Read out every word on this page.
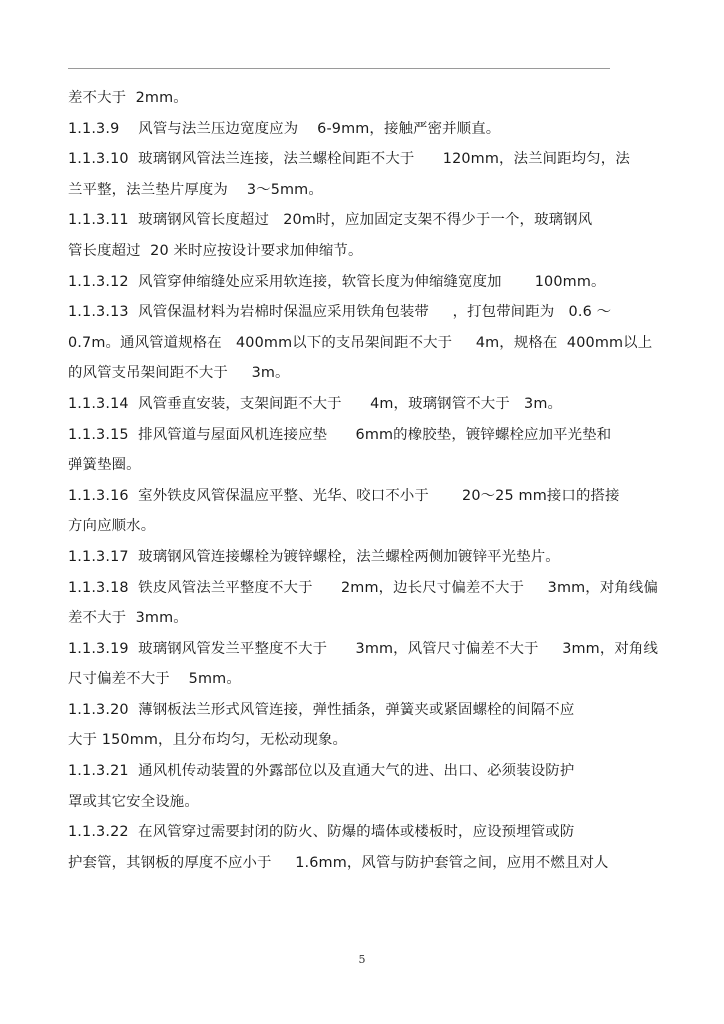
差不大于  2mm。
1.1.3.9    风管与法兰压边宽度应为    6-9mm，接触严密并顺直。
1.1.3.10  玻璃钢风管法兰连接，法兰螺栓间距不大于      120mm，法兰间距均匀，法
兰平整，法兰垫片厚度为    3～5mm。
1.1.3.11  玻璃钢风管长度超过   20m时，应加固定支架不得少于一个，玻璃钢风
管长度超过  20 米时应按设计要求加伸缩节。
1.1.3.12  风管穿伸缩缝处应采用软连接，软管长度为伸缩缝宽度加       100mm。
1.1.3.13  风管保温材料为岩棉时保温应采用铁角包装带     ，打包带间距为   0.6 ～
0.7m。通风管道规格在   400mm以下的支吊架间距不大于     4m，规格在  400mm以上
的风管支吊架间距不大于     3m。
1.1.3.14  风管垂直安装，支架间距不大于      4m，玻璃钢管不大于   3m。
1.1.3.15  排风管道与屋面风机连接应垫      6mm的橡胶垫，镀锌螺栓应加平光垫和
弹簧垫圈。
1.1.3.16  室外铁皮风管保温应平整、光华、咬口不小于       20～25 mm接口的搭接
方向应顺水。
1.1.3.17  玻璃钢风管连接螺栓为镀锌螺栓，法兰螺栓两侧加镀锌平光垫片。
1.1.3.18  铁皮风管法兰平整度不大于      2mm，边长尺寸偏差不大于     3mm，对角线偏
差不大于  3mm。
1.1.3.19  玻璃钢风管发兰平整度不大于      3mm，风管尺寸偏差不大于     3mm，对角线
尺寸偏差不大于    5mm。
1.1.3.20  薄钢板法兰形式风管连接，弹性插条，弹簧夹或紧固螺栓的间隔不应
大于 150mm，且分布均匀，无松动现象。
1.1.3.21  通风机传动装置的外露部位以及直通大气的进、出口、必须装设防护
罩或其它安全设施。
1.1.3.22  在风管穿过需要封闭的防火、防爆的墙体或楼板时，应设预埋管或防
护套管，其钢板的厚度不应小于     1.6mm，风管与防护套管之间，应用不燃且对人
5
